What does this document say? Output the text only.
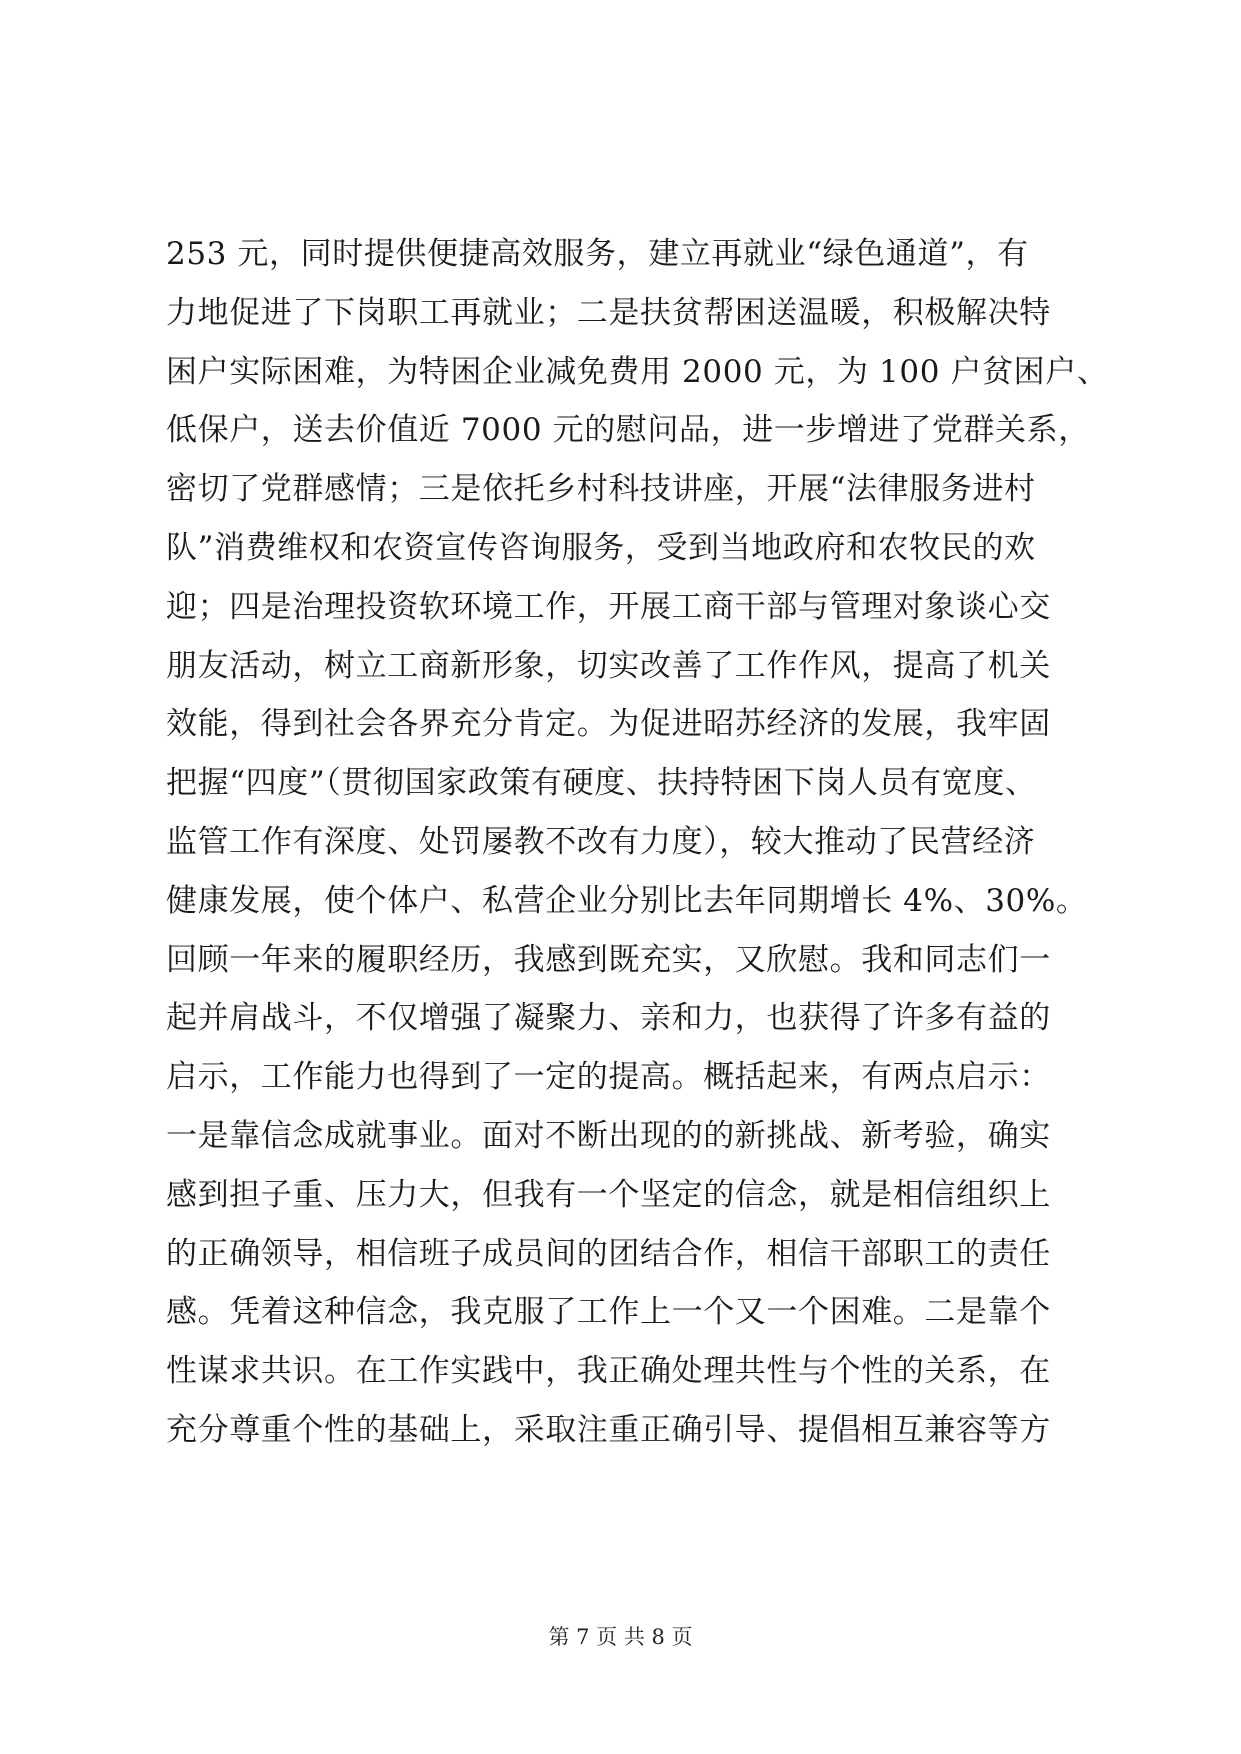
253 元，同时提供便捷高效服务，建立再就业“绿色通道”，有
力地促进了下岗职工再就业；二是扶贫帮困送温暖，积极解决特
困户实际困难，为特困企业减免费用 2000 元，为 100 户贫困户、
低保户，送去价值近 7000 元的慰问品，进一步增进了党群关系，
密切了党群感情；三是依托乡村科技讲座，开展“法律服务进村
队”消费维权和农资宣传咨询服务，受到当地政府和农牧民的欢
迎；四是治理投资软环境工作，开展工商干部与管理对象谈心交
朋友活动，树立工商新形象，切实改善了工作作风，提高了机关
效能，得到社会各界充分肯定。为促进昭苏经济的发展，我牢固
把握“四度”（贯彻国家政策有硬度、扶持特困下岗人员有宽度、
监管工作有深度、处罚屡教不改有力度），较大推动了民营经济
健康发展，使个体户、私营企业分别比去年同期增长 4%、30%。
回顾一年来的履职经历，我感到既充实，又欣慰。我和同志们一
起并肩战斗，不仅增强了凝聚力、亲和力，也获得了许多有益的
启示，工作能力也得到了一定的提高。概括起来，有两点启示：
一是靠信念成就事业。面对不断出现的的新挑战、新考验，确实
感到担子重、压力大，但我有一个坚定的信念，就是相信组织上
的正确领导，相信班子成员间的团结合作，相信干部职工的责任
感。凭着这种信念，我克服了工作上一个又一个困难。二是靠个
性谋求共识。在工作实践中，我正确处理共性与个性的关系，在
充分尊重个性的基础上，采取注重正确引导、提倡相互兼容等方
第 7 页 共 8 页
